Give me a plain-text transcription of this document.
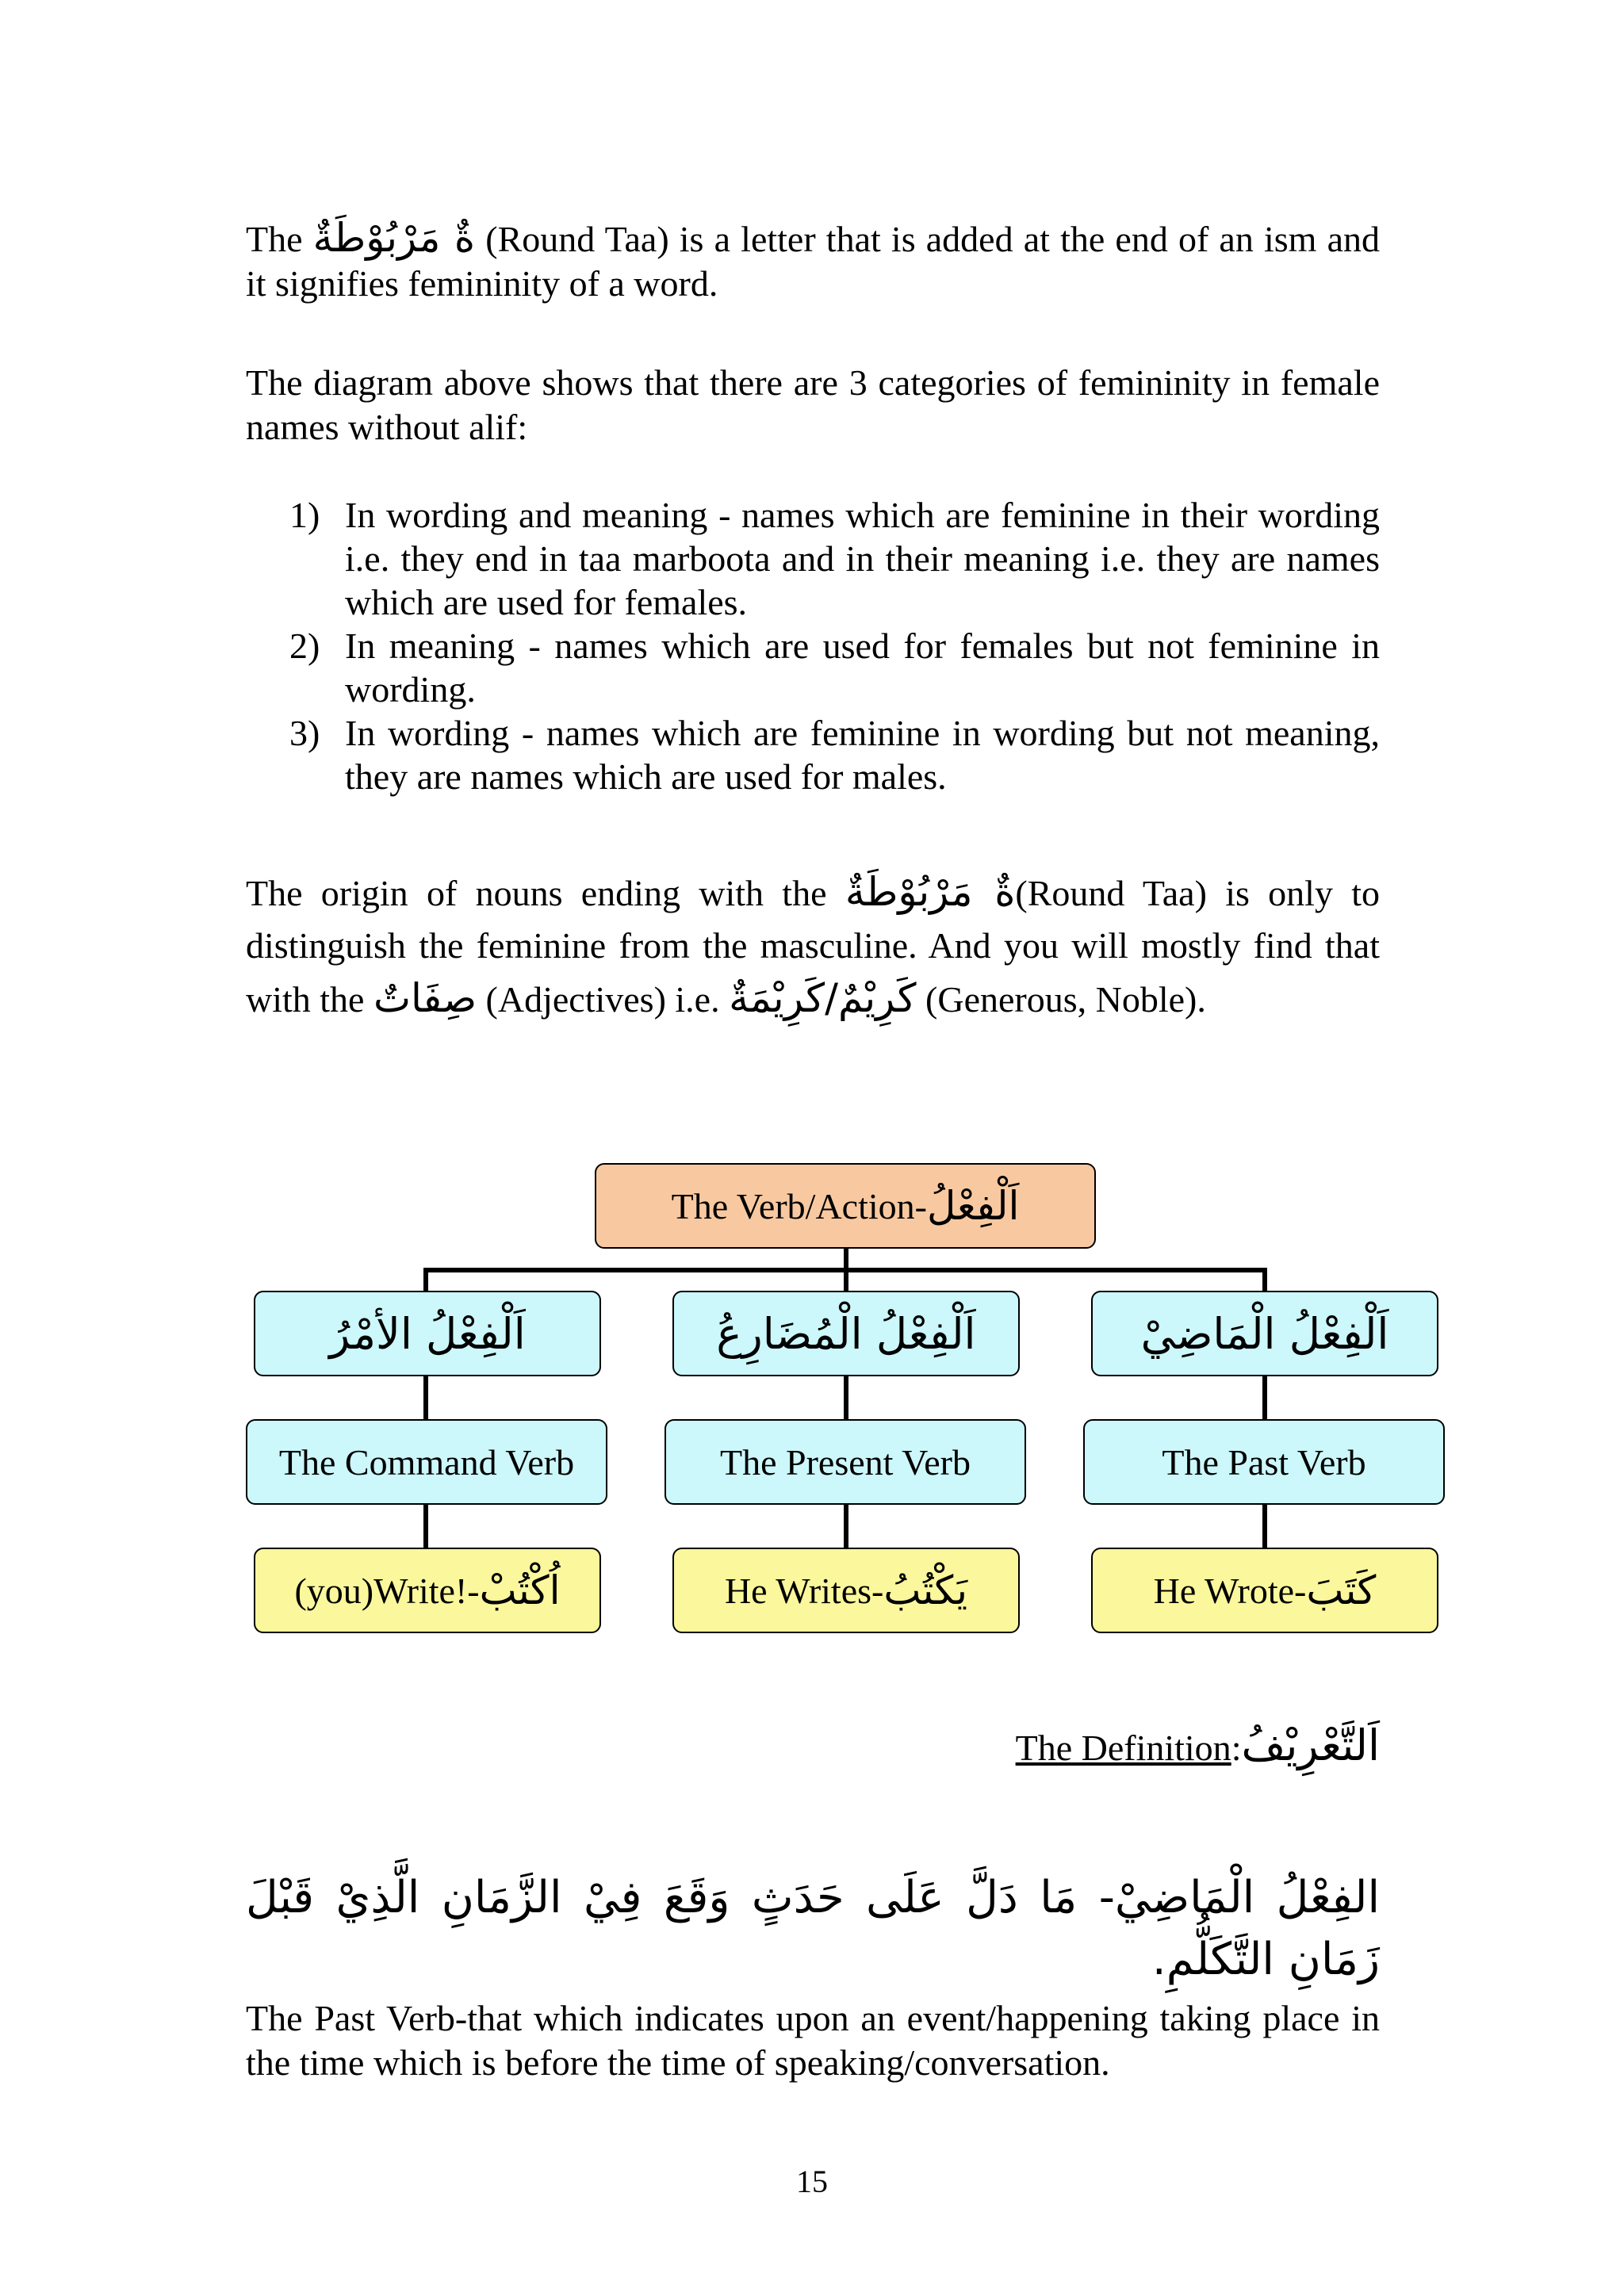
The ةٌ مَرْبُوْطَةٌ (Round Taa) is a letter that is added at the end of an ism and it signifies femininity of a word.
The diagram above shows that there are 3 categories of femininity in female names without alif:
1) In wording and meaning - names which are feminine in their wording i.e. they end in taa marboota and in their meaning i.e. they are names which are used for females.
2) In meaning - names which are used for females but not feminine in wording.
3) In wording - names which are feminine in wording but not meaning, they are names which are used for males.
The origin of nouns ending with the ةٌ مَرْبُوْطَةٌ(Round Taa) is only to distinguish the feminine from the masculine. And you will mostly find that with the صِفَاتٌ (Adjectives) i.e. كَرِيْمٌ/كَرِيْمَةٌ (Generous, Noble).
The Verb/Action- اَلْفِعْلُ
اَلْفِعْلُ الأمْرُ
The Command Verb
(you)Write!- اُكْتُبْ
اَلْفِعْلُ الْمُضَارِعُ
The Present Verb
He Writes- يَكْتُبُ
اَلْفِعْلُ الْمَاضِيْ
The Past Verb
He Wrote- كَتَبَ
The Definition:اَلتَّعْرِيْفُ
الفِعْلُ الْمَاضِيْ- مَا دَلَّ عَلَى حَدَثٍ وَقَعَ فِيْ الزَّمَانِ الَّذِيْ قَبْلَ زَمَانِ التَّكَلُّمِ.
The Past Verb-that which indicates upon an event/happening taking place in the time which is before the time of speaking/conversation.
15
